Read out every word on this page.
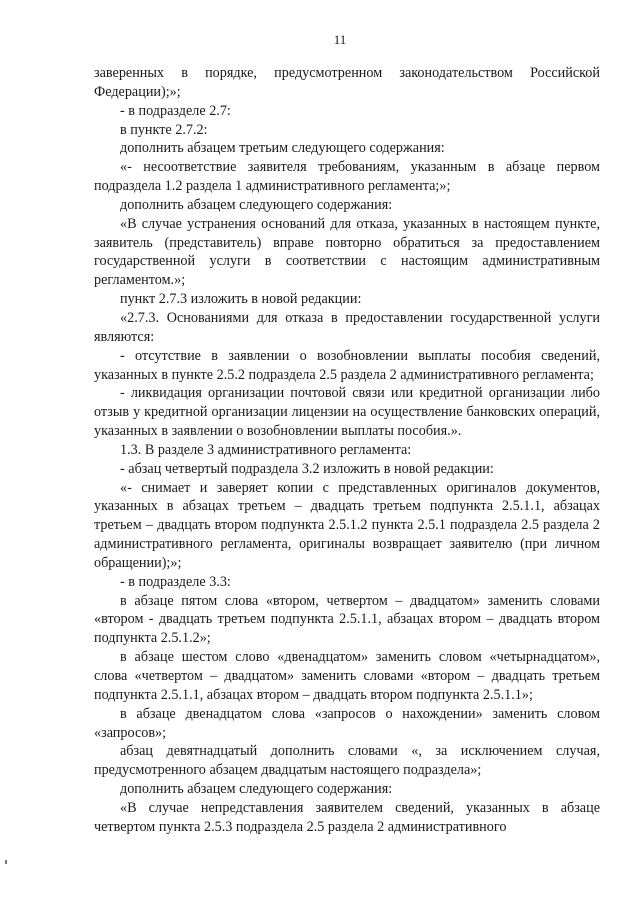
11

заверенных в порядке, предусмотренном законодательством Российской Федерации);»;

- в подразделе 2.7:

в пункте 2.7.2:

дополнить абзацем третьим следующего содержания:

«- несоответствие заявителя требованиям, указанным в абзаце первом подраздела 1.2 раздела 1 административного регламента;»;

дополнить абзацем следующего содержания:

«В случае устранения оснований для отказа, указанных в настоящем пункте, заявитель (представитель) вправе повторно обратиться за предоставлением государственной услуги в соответствии с настоящим административным регламентом.»;

пункт 2.7.3 изложить в новой редакции:

«2.7.3. Основаниями для отказа в предоставлении государственной услуги являются:

- отсутствие в заявлении о возобновлении выплаты пособия сведений, указанных в пункте 2.5.2 подраздела 2.5 раздела 2 административного регламента;

- ликвидация организации почтовой связи или кредитной организации либо отзыв у кредитной организации лицензии на осуществление банковских операций, указанных в заявлении о возобновлении выплаты пособия.».

1.3. В разделе 3 административного регламента:

- абзац четвертый подраздела 3.2 изложить в новой редакции:

«- снимает и заверяет копии с представленных оригиналов документов, указанных в абзацах третьем – двадцать третьем подпункта 2.5.1.1, абзацах третьем – двадцать втором подпункта 2.5.1.2 пункта 2.5.1 подраздела 2.5 раздела 2 административного регламента, оригиналы возвращает заявителю (при личном обращении);»;

- в подразделе 3.3:

в абзаце пятом слова «втором, четвертом – двадцатом» заменить словами «втором - двадцать третьем подпункта 2.5.1.1, абзацах втором – двадцать втором подпункта 2.5.1.2»;

в абзаце шестом слово «двенадцатом» заменить словом «четырнадцатом», слова «четвертом – двадцатом» заменить словами «втором – двадцать третьем подпункта 2.5.1.1, абзацах втором – двадцать втором подпункта 2.5.1.1»;

в абзаце двенадцатом слова «запросов о нахождении» заменить словом «запросов»;

абзац девятнадцатый дополнить словами «, за исключением случая, предусмотренного абзацем двадцатым настоящего подраздела»;

дополнить абзацем следующего содержания:

«В случае непредставления заявителем сведений, указанных в абзаце четвертом пункта 2.5.3 подраздела 2.5 раздела 2 административного
